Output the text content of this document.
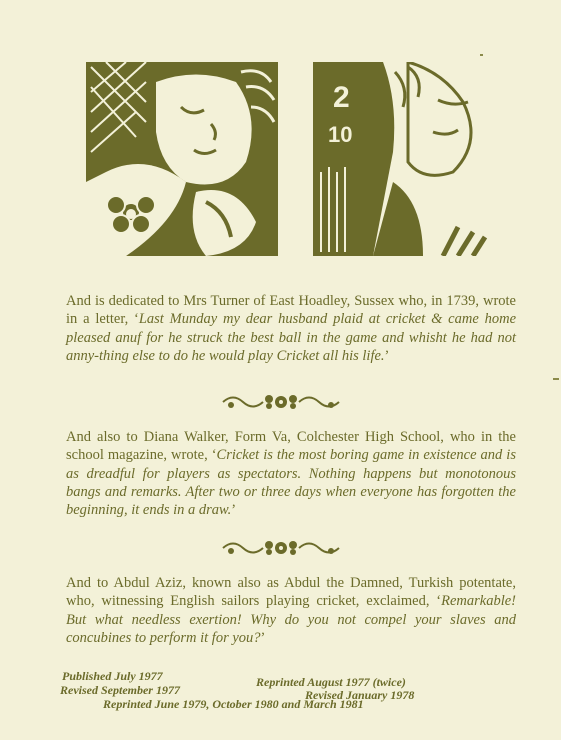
2
10
And is dedicated to Mrs Turner of East Hoadley, Sussex who, in 1739, wrote in a letter, ‘Last Munday my dear husband plaid at cricket & came home pleased anuf for he struck the best ball in the game and whisht he had not anny-thing else to do he would play Cricket all his life.’
And also to Diana Walker, Form Va, Colchester High School, who in the school magazine, wrote, ‘Cricket is the most boring game in existence and is as dreadful for players as spectators. Nothing happens but monotonous bangs and remarks. After two or three days when everyone has forgotten the beginning, it ends in a draw.’
And to Abdul Aziz, known also as Abdul the Damned, Turkish potentate, who, witnessing English sailors playing cricket, exclaimed, ‘Remarkable! But what needless exertion! Why do you not compel your slaves and concubines to perform it for you?’
Published July 1977	Reprinted August 1977 (twice)
Revised September 1977	Revised January 1978
Reprinted June 1979, October 1980 and March 1981
